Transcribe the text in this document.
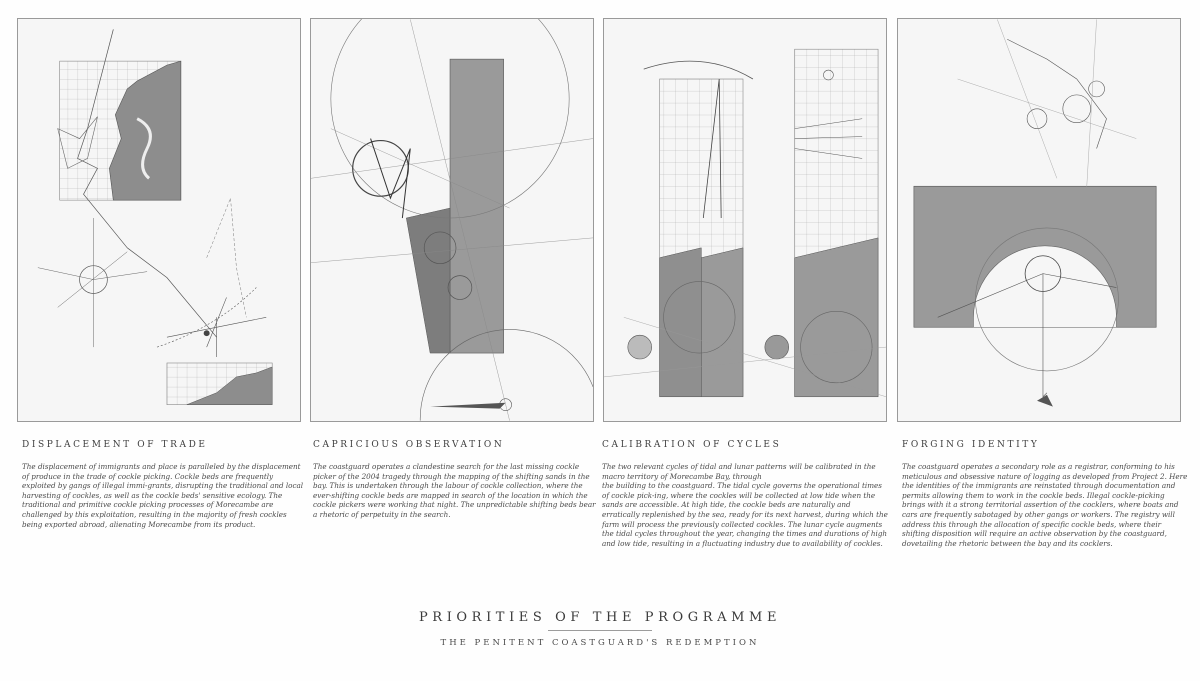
DISPLACEMENT OF TRADE

The displacement of immigrants and place is paralleled by the displacement of produce in the trade of cockle picking. Cockle beds are frequently exploited by gangs of illegal immi-grants, disrupting the traditional and local harvesting of cockles, as well as the cockle beds' sensitive ecology. The traditional and primitive cockle picking processes of Morecambe are challenged by this exploitation, resulting in the majority of fresh cockles being exported abroad, alienating Morecambe from its product.

CAPRICIOUS OBSERVATION

The coastguard operates a clandestine search for the last missing cockle picker of the 2004 tragedy through the mapping of the shifting sands in the bay. This is undertaken through the labour of cockle collection, where the ever-shifting cockle beds are mapped in search of the location in which the cockle pickers were working that night. The unpredictable shifting beds bear a rhetoric of perpetuity in the search.

CALIBRATION OF CYCLES

The two relevant cycles of tidal and lunar patterns will be calibrated in the macro territory of Morecambe Bay, through
the building to the coastguard. The tidal cycle governs the operational times of cockle pick-ing, where the cockles will be collected at low tide when the sands are accessible. At high tide, the cockle beds are naturally and erratically replenished by the sea, ready for its next harvest, during which the farm will process the previously collected cockles. The lunar cycle augments
the tidal cycles throughout the year, changing the times and durations of high and low tide, resulting in a fluctuating industry due to availability of cockles.

FORGING IDENTITY

The coastguard operates a secondary role as a registrar, conforming to his meticulous and obsessive nature of logging as developed from Project 2. Here the identities of the immigrants are reinstated through documentation and permits allowing them to work in the cockle beds. Illegal cockle-picking brings with it a strong territorial assertion of the cocklers, where boats and cars are frequently sabotaged by other gangs or workers. The registry will address this through the allocation of specific cockle beds, where their shifting disposition will require an active observation by the coastguard, dovetailing the rhetoric between the bay and its cocklers.

PRIORITIES OF THE PROGRAMME
THE PENITENT COASTGUARD'S REDEMPTION
